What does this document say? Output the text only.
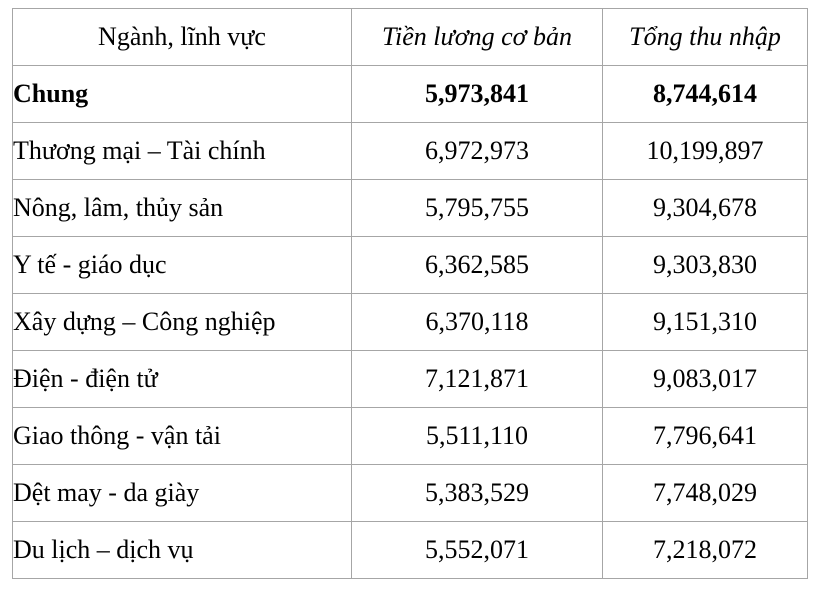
Ngành, lĩnh vực	Tiền lương cơ bản	Tổng thu nhập
Chung	5,973,841	8,744,614
Thương mại – Tài chính	6,972,973	10,199,897
Nông, lâm, thủy sản	5,795,755	9,304,678
Y tế - giáo dục	6,362,585	9,303,830
Xây dựng – Công nghiệp	6,370,118	9,151,310
Điện - điện tử	7,121,871	9,083,017
Giao thông - vận tải	5,511,110	7,796,641
Dệt may - da giày	5,383,529	7,748,029
Du lịch – dịch vụ	5,552,071	7,218,072
